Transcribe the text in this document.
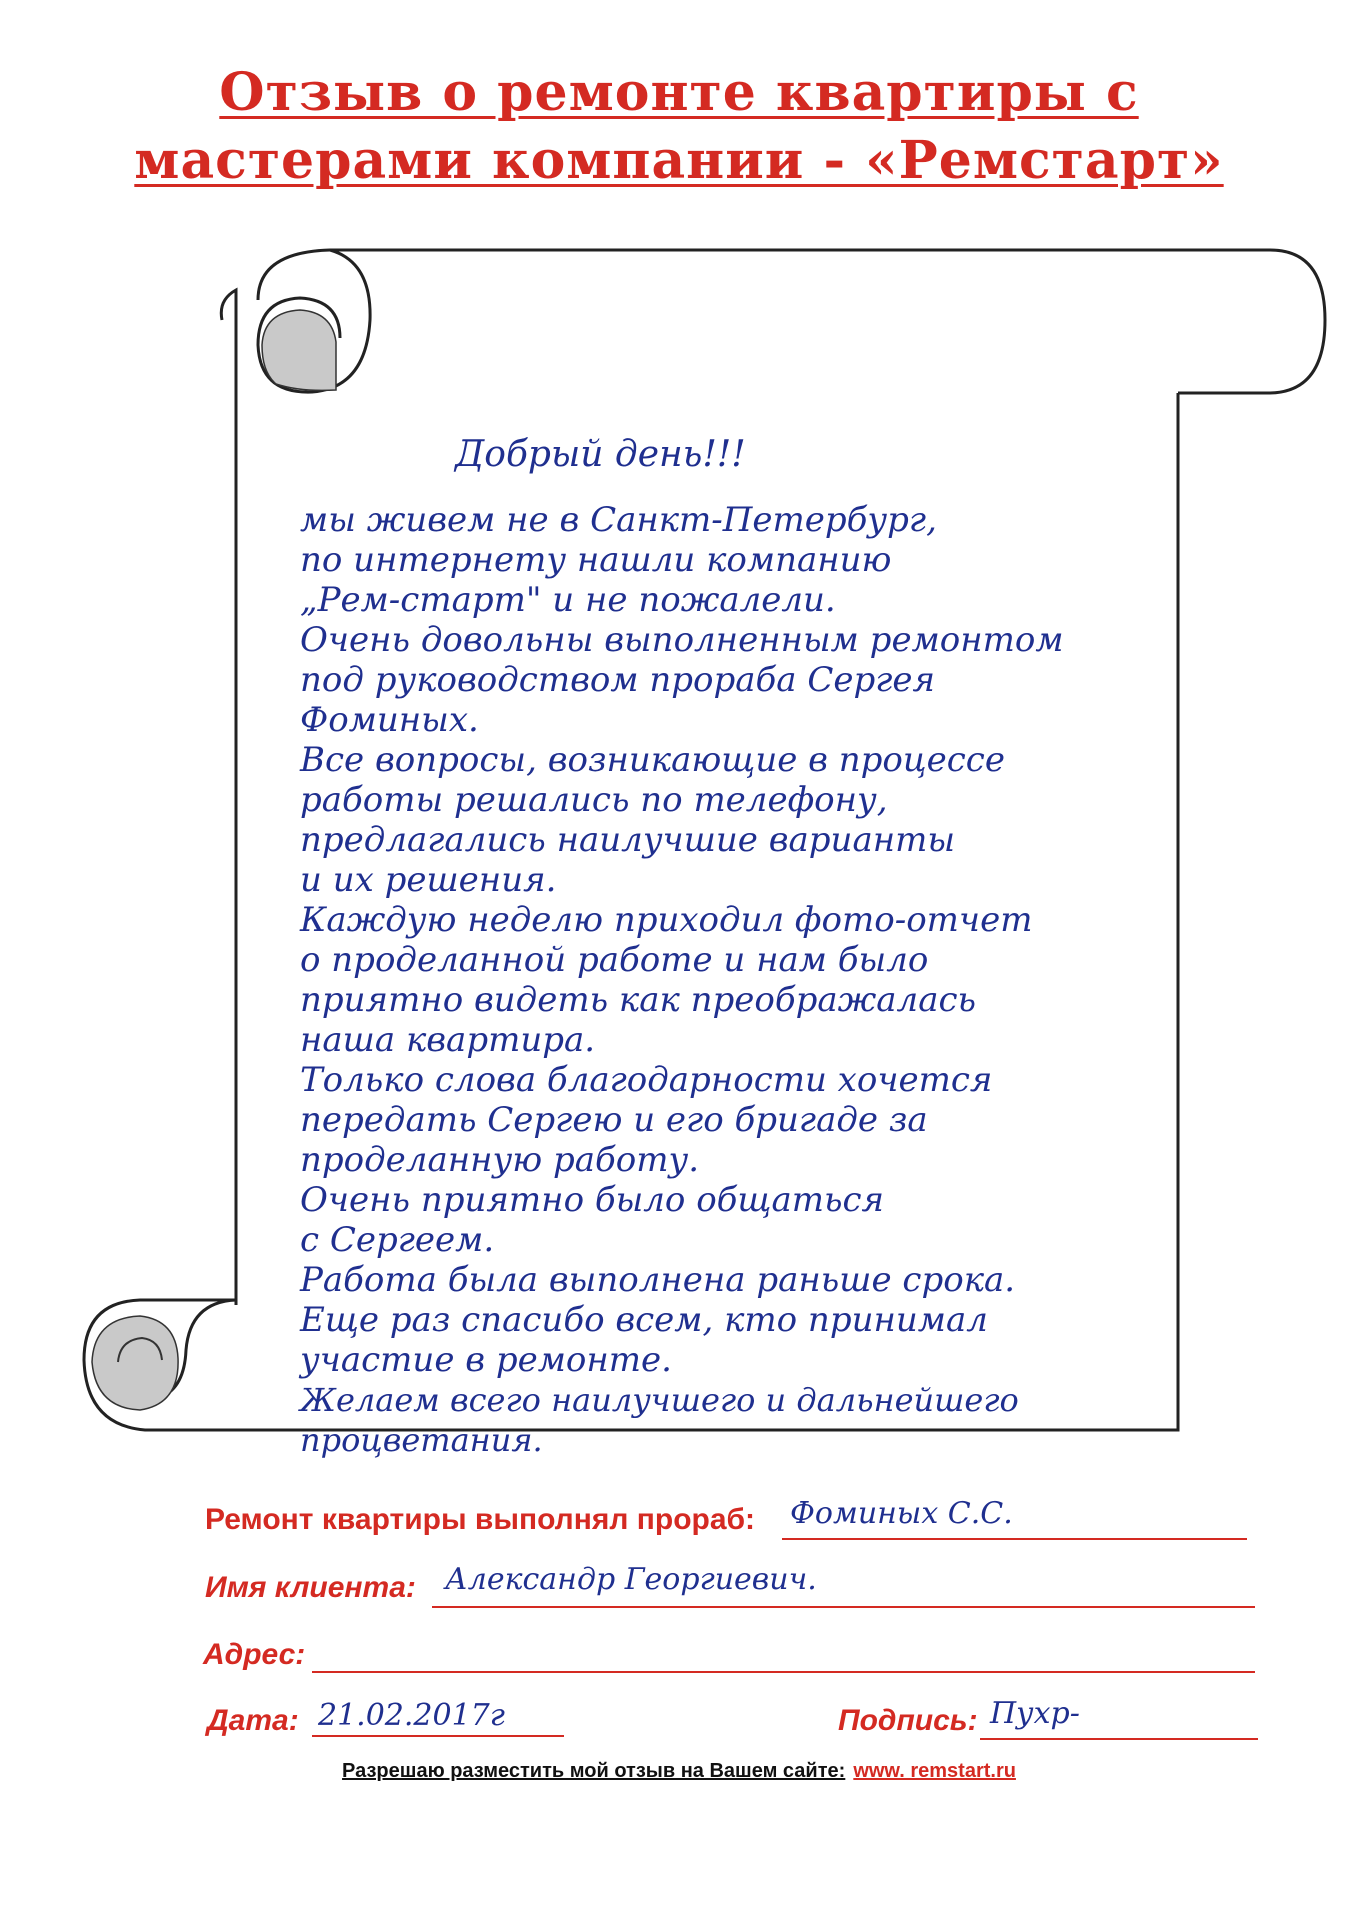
Отзыв о ремонте квартиры с
мастерами компании - «Ремстарт»
Добрый день!!!
мы живем не в Санкт-Петербург,
по интернету нашли компанию
„Рем-старт" и не пожалели.
Очень довольны выполненным ремонтом
под руководством прораба Сергея
Фоминых.
Все вопросы, возникающие в процессе
работы решались по телефону,
предлагались наилучшие варианты
и их решения.
Каждую неделю приходил фото-отчет
о проделанной работе и нам было
приятно видеть как преображалась
наша квартира.
Только слова благодарности хочется
передать Сергею и его бригаде за
проделанную работу.
Очень приятно было общаться
с Сергеем.
Работа была выполнена раньше срока.
Еще раз спасибо всем, кто принимал
участие в ремонте.
Желаем всего наилучшего и дальнейшего
процветания.
Ремонт квартиры выполнял прораб: Фоминых С.С.
Имя клиента: Александр Георгиевич.
Адрес:
Дата: 21.02.2017г	Подпись: Пухр-
Разрешаю разместить мой отзыв на Вашем сайте: www. remstart.ru
